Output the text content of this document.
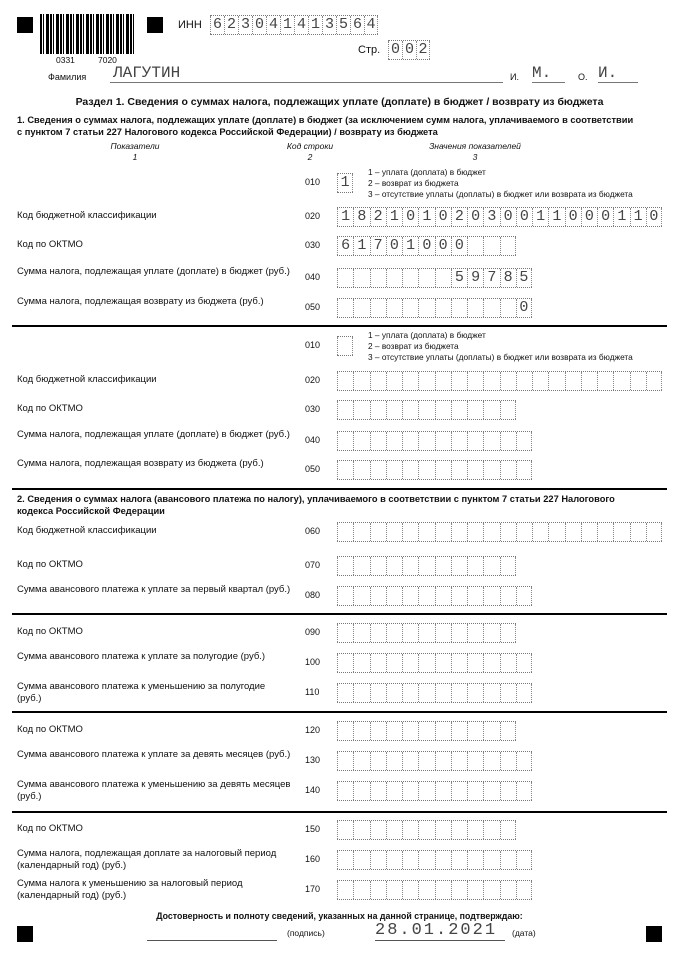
0331	7020
ИНН 6 2 3 0 4 1 4 1 3 5 6 4
Стр. 0 0 2
Фамилия ЛАГУТИН	И. М.	О. И.
Раздел 1. Сведения о суммах налога, подлежащих уплате (доплате) в бюджет / возврату из бюджета
1. Сведения о суммах налога, подлежащих уплате (доплате) в бюджет (за исключением сумм налога, уплачиваемого в соответствии с пунктом 7 статьи 227 Налогового кодекса Российской Федерации) / возврату из бюджета
Показатели
1
Код строки
2
Значения показателей
3
010 1
1 – уплата (доплата) в бюджет
2 – возврат из бюджета
3 – отсутствие уплаты (доплаты) в бюджет или возврата из бюджета
Код бюджетной классификации	020 1 8 2 1 0 1 0 2 0 3 0 0 1 1 0 0 0 1 1 0
Код по ОКТМО	030 6 1 7 0 1 0 0 0
Сумма налога, подлежащая уплате (доплате) в бюджет (руб.) 040	5 9 7 8 5
Сумма налога, подлежащая возврату из бюджета (руб.)	050	0
010
1 – уплата (доплата) в бюджет
2 – возврат из бюджета
3 – отсутствие уплаты (доплаты) в бюджет или возврата из бюджета
Код бюджетной классификации	020
Код по ОКТМО	030
Сумма налога, подлежащая уплате (доплате) в бюджет (руб.) 040
Сумма налога, подлежащая возврату из бюджета (руб.)	050
Код бюджетной классификации	060
Код по ОКТМО	070
Сумма авансового платежа к уплате за первый квартал (руб.) 080
Код по ОКТМО	090
Сумма авансового платежа к уплате за полугодие (руб.)	100
Сумма авансового платежа к уменьшению за полугодие (руб.)
110
Код по ОКТМО	120
Сумма авансового платежа к уплате за девять месяцев (руб.) 130
Сумма авансового платежа к уменьшению за девять месяцев (руб.)
140
Код по ОКТМО	150
Сумма налога, подлежащая доплате за налоговый период (календарный год) (руб.)
160
Сумма налога к уменьшению за налоговый период (календарный год) (руб.)
170
2. Сведения о суммах налога (авансового платежа по налогу), уплачиваемого в соответствии с пунктом 7 статьи 227 Налогового кодекса Российской Федерации
Достоверность и полноту сведений, указанных на данной странице, подтверждаю:
(подпись)	28.01.2021	(дата)
